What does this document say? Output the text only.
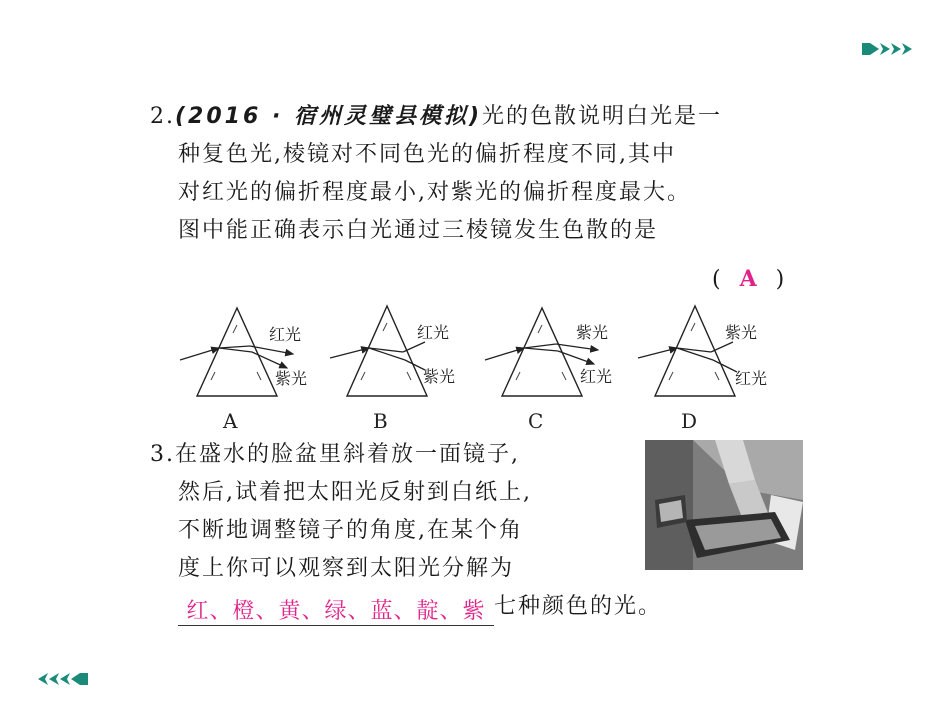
2.(2016 · 宿州灵璧县模拟)光的色散说明白光是一
种复色光,棱镜对不同色光的偏折程度不同,其中
对红光的偏折程度最小,对紫光的偏折程度最大。
图中能正确表示白光通过三棱镜发生色散的是
( A )
红光
紫光
A
红光
紫光
B
紫光
红光
C
紫光
红光
D
3.在盛水的脸盆里斜着放一面镜子,
然后,试着把太阳光反射到白纸上,
不断地调整镜子的角度,在某个角
度上你可以观察到太阳光分解为
红、橙、黄、绿、蓝、靛、紫 七种颜色的光。
